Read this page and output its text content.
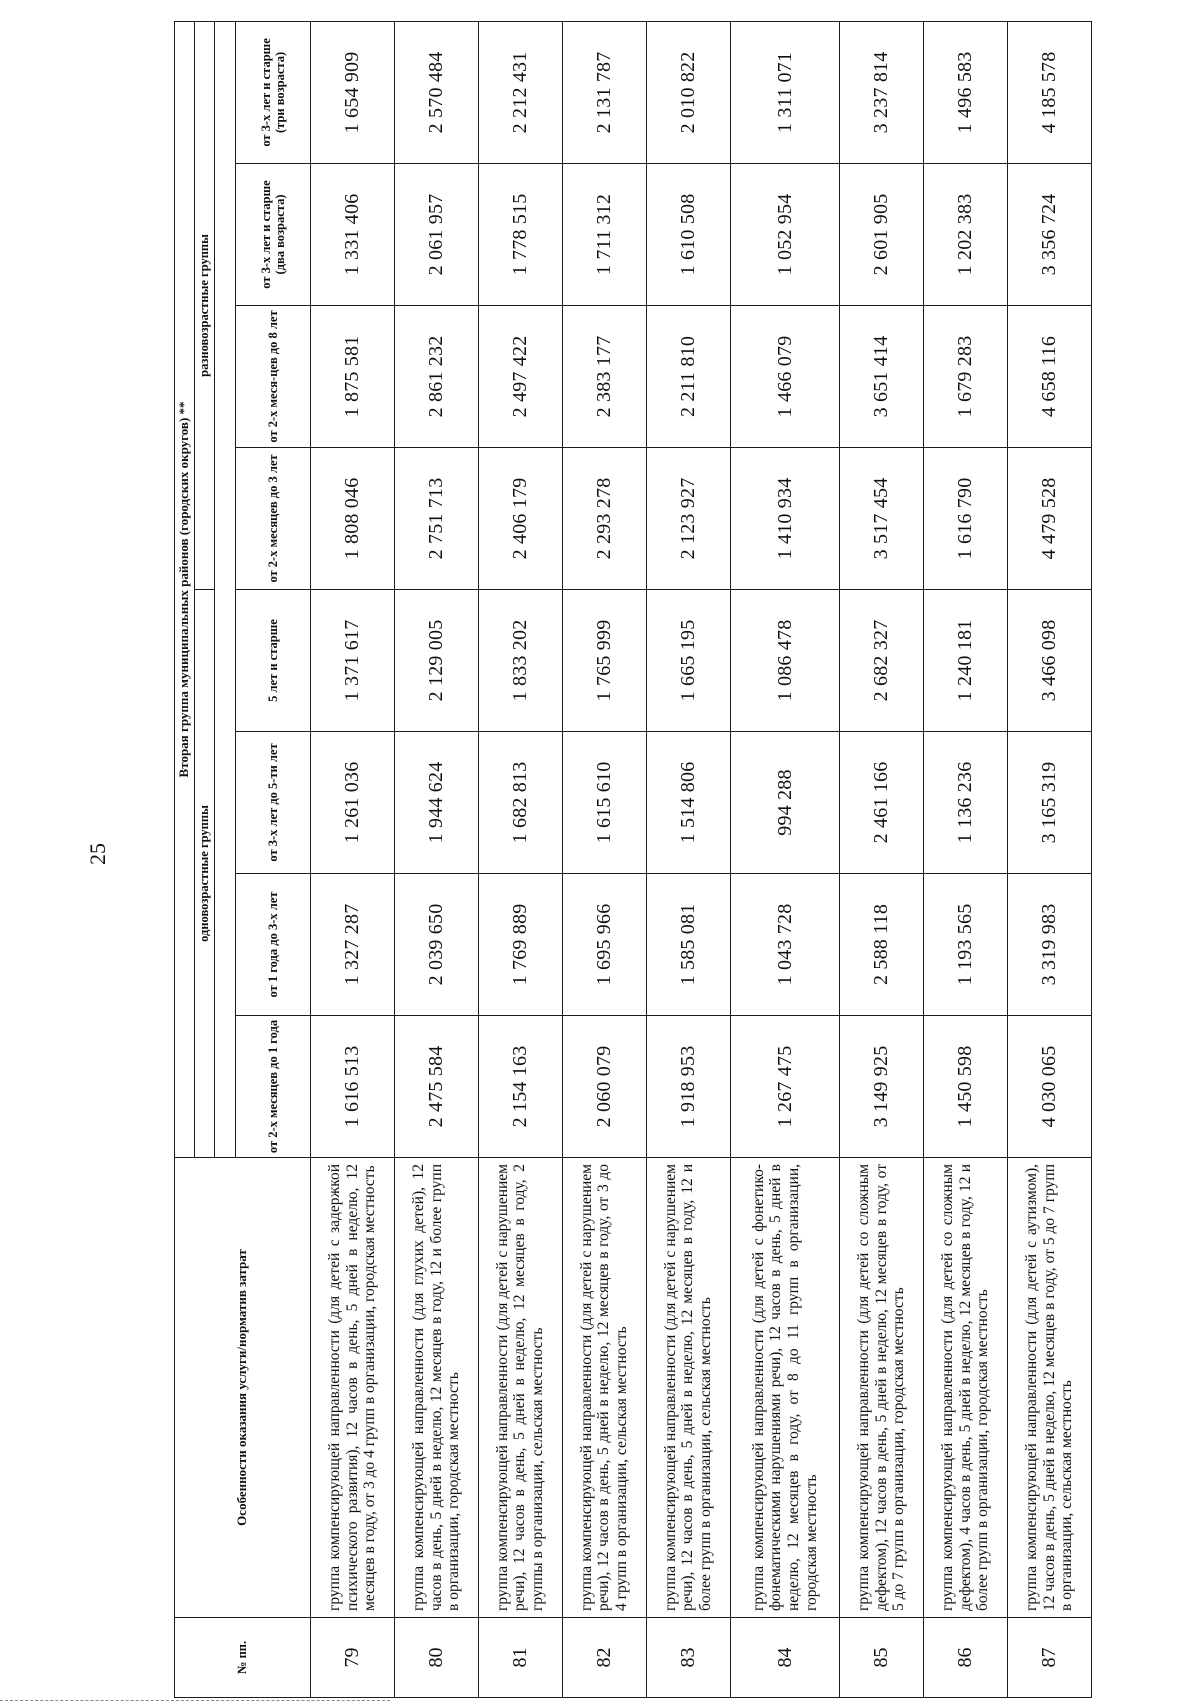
25
№ пп.	Особенности оказания услуги/норматив затрат	Вторая группа муниципальных районов (городских округов) **							
		одновозрастные группы				разновозрастные группы			

		от 2-х месяцев до 1 года	от 1 года до 3-х лет	от 3-х лет до 5-ти лет	5 лет и старше	от 2-х месяцев до 3 лет	от 2-х меся-цев до 8 лет	от 3-х лет и старше (два возраста)	от 3-х лет и старше (три возраста)
79	группа компенсирующей направленности (для детей с задержкой психического развития), 12 часов в день, 5 дней в неделю, 12 месяцев в году, от 3 до 4 групп в организации, городская местность	1 616 513	1 327 287	1 261 036	1 371 617	1 808 046	1 875 581	1 331 406	1 654 909
80	группа компенсирующей направленности (для глухих детей), 12 часов в день, 5 дней в неделю, 12 месяцев в году, 12 и более групп в организации, городская местность	2 475 584	2 039 650	1 944 624	2 129 005	2 751 713	2 861 232	2 061 957	2 570 484
81	группа компенсирующей направленности (для детей с нарушением речи), 12 часов в день, 5 дней в неделю, 12 месяцев в году, 2 группы в организации, сельская местность	2 154 163	1 769 889	1 682 813	1 833 202	2 406 179	2 497 422	1 778 515	2 212 431
82	группа компенсирующей направленности (для детей с нарушением речи), 12 часов в день, 5 дней в неделю, 12 месяцев в году, от 3 до 4 групп в организации, сельская местность	2 060 079	1 695 966	1 615 610	1 765 999	2 293 278	2 383 177	1 711 312	2 131 787
83	группа компенсирующей направленности (для детей с нарушением речи), 12 часов в день, 5 дней в неделю, 12 месяцев в году, 12 и более групп в организации, сельская местность	1 918 953	1 585 081	1 514 806	1 665 195	2 123 927	2 211 810	1 610 508	2 010 822
84	группа компенсирующей направленности (для детей с фонетико-фонематическими нарушениями речи), 12 часов в день, 5 дней в неделю, 12 месяцев в году, от 8 до 11 групп в организации, городская местность	1 267 475	1 043 728	994 288	1 086 478	1 410 934	1 466 079	1 052 954	1 311 071
85	группа компенсирующей направленности (для детей со сложным дефектом), 12 часов в день, 5 дней в неделю, 12 месяцев в году, от 5 до 7 групп в организации, городская местность	3 149 925	2 588 118	2 461 166	2 682 327	3 517 454	3 651 414	2 601 905	3 237 814
86	группа компенсирующей направленности (для детей со сложным дефектом), 4 часов в день, 5 дней в неделю, 12 месяцев в году, 12 и более групп в организации, городская местность	1 450 598	1 193 565	1 136 236	1 240 181	1 616 790	1 679 283	1 202 383	1 496 583
87	группа компенсирующей направленности (для детей с аутизмом), 12 часов в день, 5 дней в неделю, 12 месяцев в году, от 5 до 7 групп в организации, сельская местность	4 030 065	3 319 983	3 165 319	3 466 098	4 479 528	4 658 116	3 356 724	4 185 578
